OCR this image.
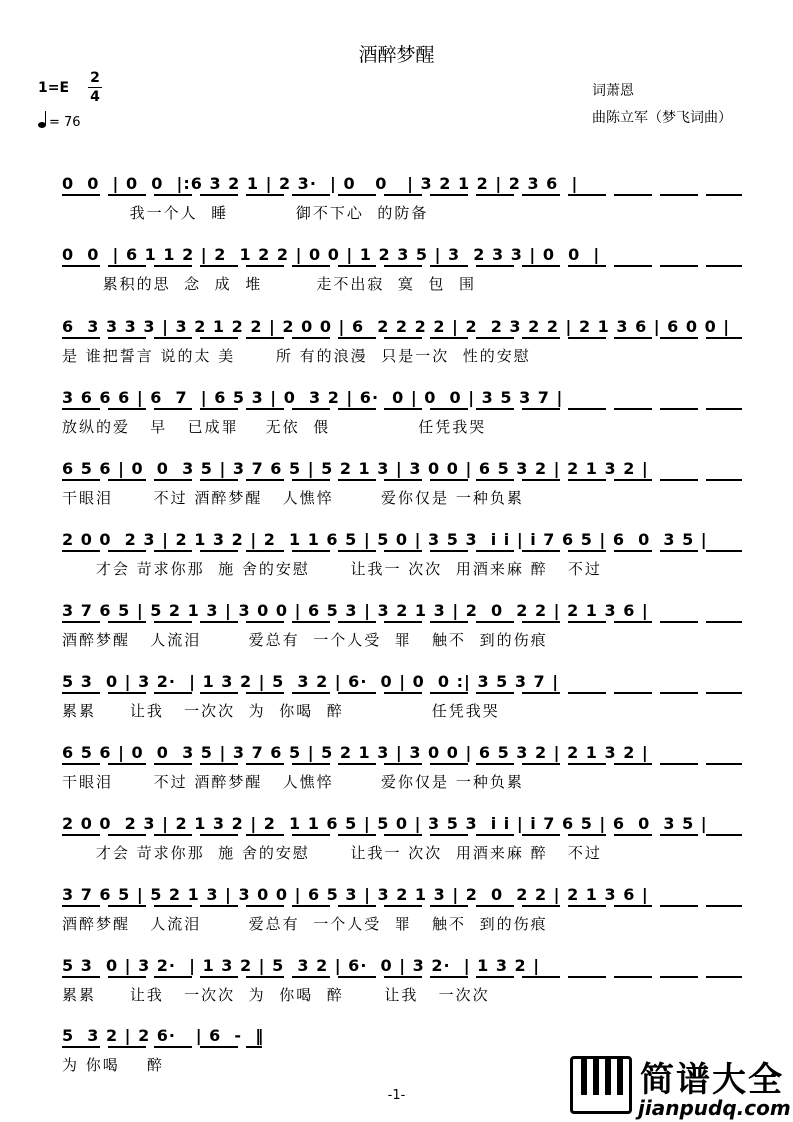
酒醉梦醒
1=E
2
4
= 76
词萧恩
曲陈立军（梦飞词曲）
0  0  | 0  0  |:6 3 2 1 | 2 3·  | 0   0   | 3 2 1 2 | 2 3 6  |
我一个人  睡          御不下心  的防备
0  0  | 6 1 1 2 | 2  1 2 2 | 0 0 | 1 2 3 5 | 3  2 3 3 | 0  0  |
累积的思  念  成  堆        走不出寂  寞  包  围
6  3 3 3 3 | 3 2 1 2 2 | 2 0 0 | 6  2 2 2 2 | 2  2 3 2 2 | 2 1 3 6 | 6 0 0 |
是 谁把誓言 说的太 美      所 有的浪漫  只是一次  性的安慰
3 6 6 6 | 6  7  | 6 5 3 | 0  3 2 | 6·  0 | 0  0 | 3 5 3 7 |
放纵的爱   早   已成罪    无依  偎             任凭我哭
6 5 6 | 0  0  3 5 | 3 7 6 5 | 5 2 1 3 | 3 0 0 | 6 5 3 2 | 2 1 3 2 |
干眼泪      不过 酒醉梦醒   人憔悴       爱你仅是 一种负累
2 0 0  2 3 | 2 1 3 2 | 2  1 1 6 5 | 5 0 | 3 5 3  i i | i 7 6 5 | 6  0  3 5 |
才会 苛求你那  施 舍的安慰      让我一 次次  用酒来麻 醉   不过
3 7 6 5 | 5 2 1 3 | 3 0 0 | 6 5 3 | 3 2 1 3 | 2  0  2 2 | 2 1 3 6 |
酒醉梦醒   人流泪       爱总有  一个人受  罪   触不  到的伤痕
5 3  0 | 3 2·  | 1 3 2 | 5  3 2 | 6·  0 | 0  0 :| 3 5 3 7 |
累累     让我   一次次  为  你喝  醉             任凭我哭
6 5 6 | 0  0  3 5 | 3 7 6 5 | 5 2 1 3 | 3 0 0 | 6 5 3 2 | 2 1 3 2 |
干眼泪      不过 酒醉梦醒   人憔悴       爱你仅是 一种负累
2 0 0  2 3 | 2 1 3 2 | 2  1 1 6 5 | 5 0 | 3 5 3  i i | i 7 6 5 | 6  0  3 5 |
才会 苛求你那  施 舍的安慰      让我一 次次  用酒来麻 醉   不过
3 7 6 5 | 5 2 1 3 | 3 0 0 | 6 5 3 | 3 2 1 3 | 2  0  2 2 | 2 1 3 6 |
酒醉梦醒   人流泪       爱总有  一个人受  罪   触不  到的伤痕
5 3  0 | 3 2·  | 1 3 2 | 5  3 2 | 6·  0 | 3 2·  | 1 3 2 |
累累     让我   一次次  为  你喝  醉      让我   一次次
5  3 2 | 2 6·   | 6  -  ‖
为 你喝    醉
-1-	简谱大全
jianpudq.com
